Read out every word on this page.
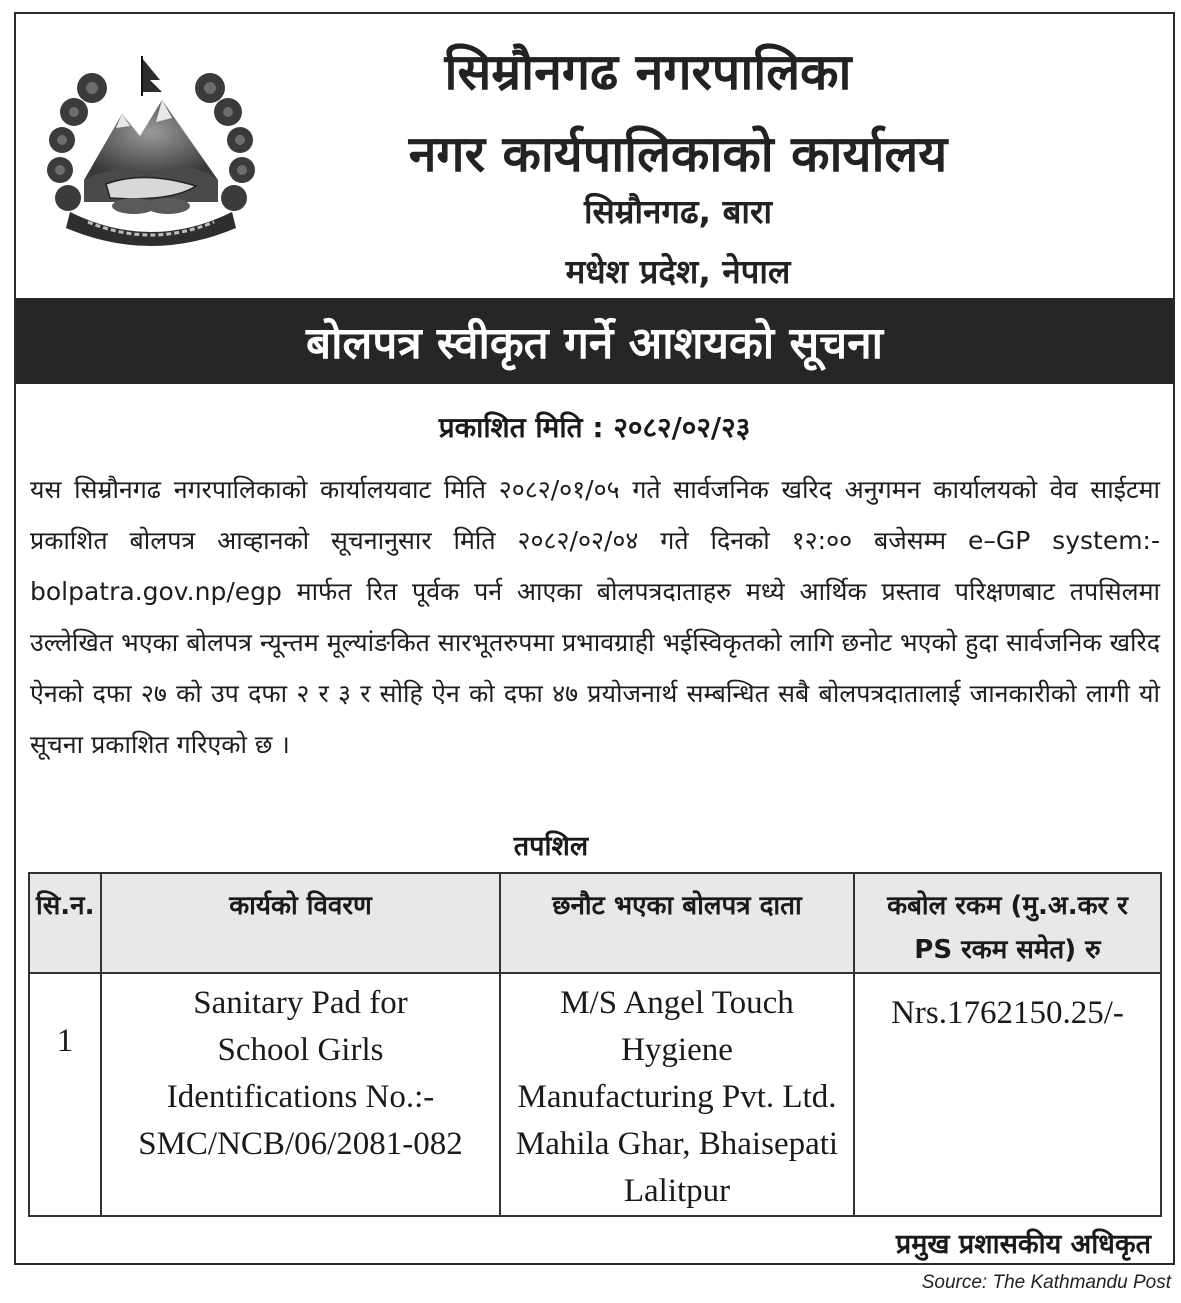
सिम्रौनगढ नगरपालिका
नगर कार्यपालिकाको कार्यालय
सिम्रौनगढ, बारा
मधेश प्रदेश, नेपाल
बोलपत्र स्वीकृत गर्ने आशयको सूचना
प्रकाशित मिति : २०८२/०२/२३
यस सिम्रौनगढ नगरपालिकाको कार्यालयवाट मिति २०८२/०१/०५ गते सार्वजनिक खरिद अनुगमन कार्यालयको वेव साईटमा प्रकाशित बोलपत्र आव्हानको सूचनानुसार मिति २०८२/०२/०४ गते दिनको १२:०० बजेसम्म e–GP system:- bolpatra.gov.np/egp मार्फत रित पूर्वक पर्न आएका बोलपत्रदाताहरु मध्ये आर्थिक प्रस्ताव परिक्षणबाट तपसिलमा उल्लेखित भएका बोलपत्र न्यून्तम मूल्यांङकित सारभूतरुपमा प्रभावग्राही भईस्विकृतको लागि छनोट भएको हुदा सार्वजनिक खरिद ऐनको दफा २७ को उप दफा २ र ३ र सोहि ऐन को दफा ४७ प्रयोजनार्थ सम्बन्धित सबै बोलपत्रदातालाई जानकारीको लागी यो सूचना प्रकाशित गरिएको छ ।
तपशिल
सि.न.	कार्यको विवरण	छनौट भएका बोलपत्र दाता	कबोल रकम (मु.अ.कर र
PS रकम समेत) रु

1	Sanitary Pad for
School Girls
Identifications No.:-
SMC/NCB/06/2081-082	M/S Angel Touch
Hygiene
Manufacturing Pvt. Ltd.
Mahila Ghar, Bhaisepati
Lalitpur	Nrs.1762150.25/-
प्रमुख प्रशासकीय अधिकृत
Source: The Kathmandu Post
